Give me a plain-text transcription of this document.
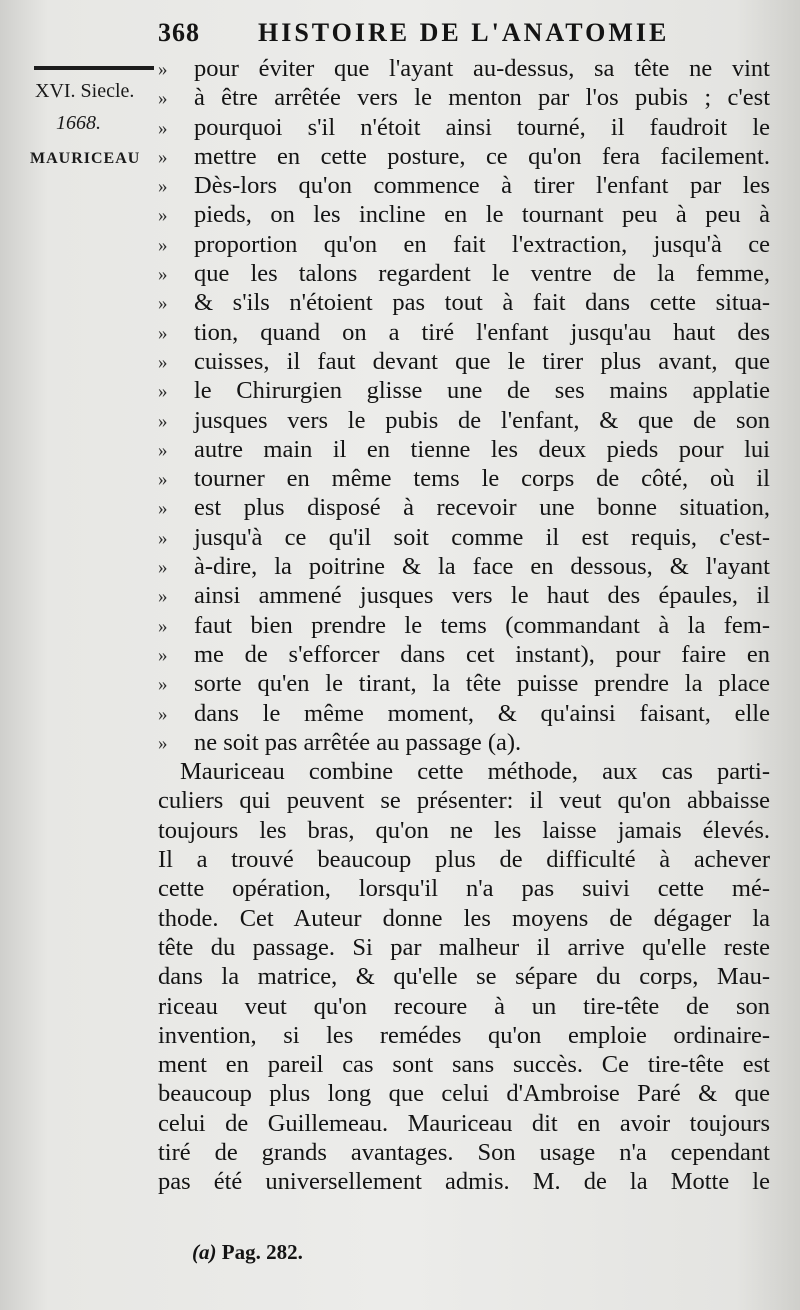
368 HISTOIRE DE L'ANATOMIE
XVI. Siecle.
1668.
MAURICEAU
» pour éviter que l'ayant au-dessus, sa tête ne vint
» à être arrêtée vers le menton par l'os pubis ; c'est
» pourquoi s'il n'étoit ainsi tourné, il faudroit le
» mettre en cette posture, ce qu'on fera facilement.
» Dès-lors qu'on commence à tirer l'enfant par les
» pieds, on les incline en le tournant peu à peu à
» proportion qu'on en fait l'extraction, jusqu'à ce
» que les talons regardent le ventre de la femme,
» & s'ils n'étoient pas tout à fait dans cette situa-
» tion, quand on a tiré l'enfant jusqu'au haut des
» cuisses, il faut devant que le tirer plus avant, que
» le Chirurgien glisse une de ses mains applatie
» jusques vers le pubis de l'enfant, & que de son
» autre main il en tienne les deux pieds pour lui
» tourner en même tems le corps de côté, où il
» est plus disposé à recevoir une bonne situation,
» jusqu'à ce qu'il soit comme il est requis, c'est-
» à-dire, la poitrine & la face en dessous, & l'ayant
» ainsi ammené jusques vers le haut des épaules, il
» faut bien prendre le tems (commandant à la fem-
» me de s'efforcer dans cet instant), pour faire en
» sorte qu'en le tirant, la tête puisse prendre la place
» dans le même moment, & qu'ainsi faisant, elle
» ne soit pas arrêtée au passage (a).
Mauriceau combine cette méthode, aux cas parti-
culiers qui peuvent se présenter: il veut qu'on abbaisse
toujours les bras, qu'on ne les laisse jamais élevés.
Il a trouvé beaucoup plus de difficulté à achever
cette opération, lorsqu'il n'a pas suivi cette mé-
thode. Cet Auteur donne les moyens de dégager la
tête du passage. Si par malheur il arrive qu'elle reste
dans la matrice, & qu'elle se sépare du corps, Mau-
riceau veut qu'on recoure à un tire-tête de son
invention, si les remédes qu'on emploie ordinaire-
ment en pareil cas sont sans succès. Ce tire-tête est
beaucoup plus long que celui d'Ambroise Paré & que
celui de Guillemeau. Mauriceau dit en avoir toujours
tiré de grands avantages. Son usage n'a cependant
pas été universellement admis. M. de la Motte le
(a) Pag. 282.
